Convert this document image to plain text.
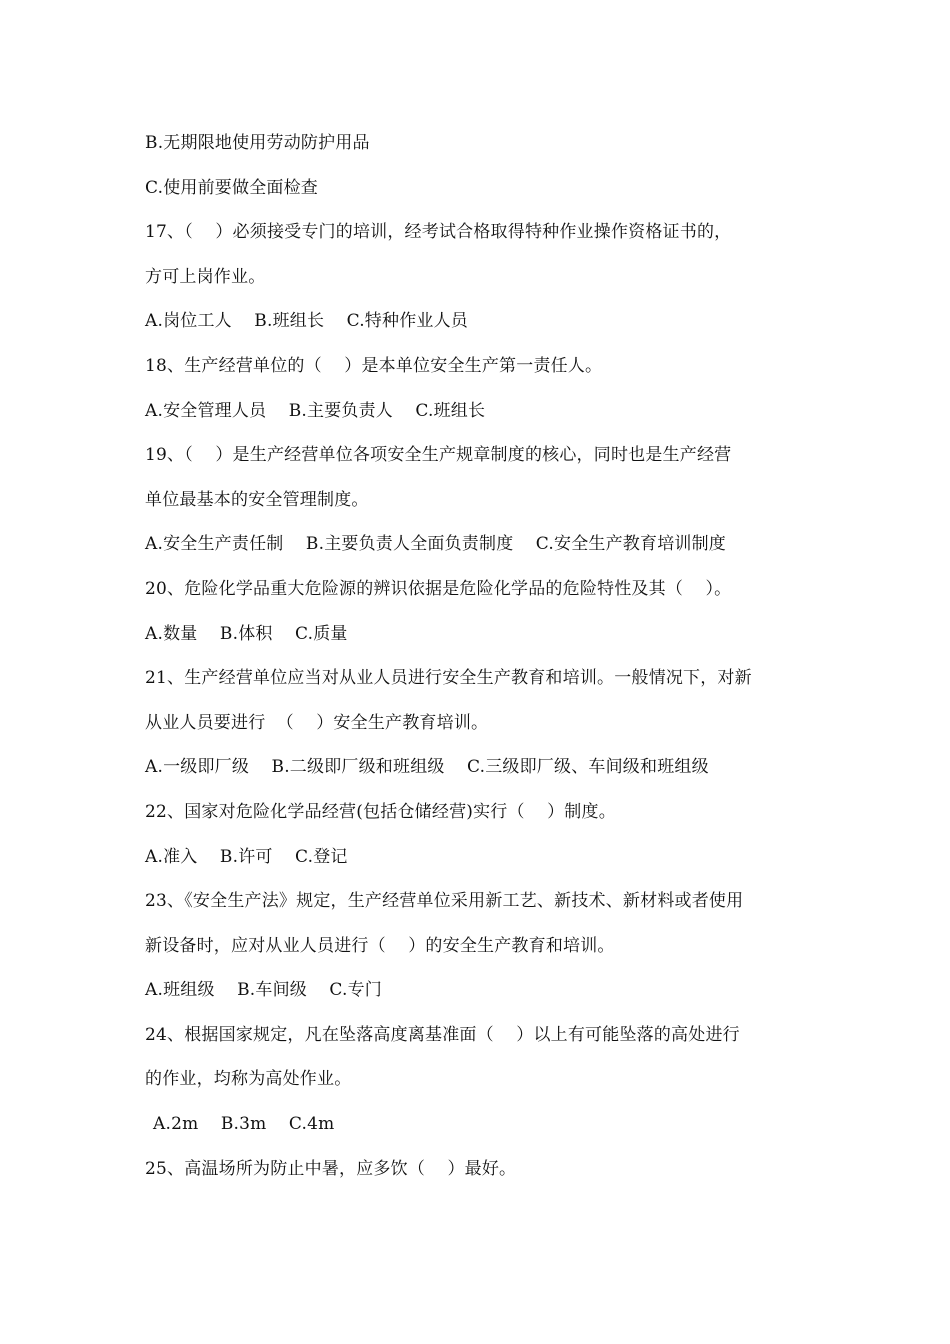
B.无期限地使用劳动防护用品
C.使用前要做全面检查
17、（    ）必须接受专门的培训，经考试合格取得特种作业操作资格证书的，
方可上岗作业。
A.岗位工人    B.班组长    C.特种作业人员
18、生产经营单位的（    ）是本单位安全生产第一责任人。
A.安全管理人员    B.主要负责人    C.班组长
19、（    ）是生产经营单位各项安全生产规章制度的核心，同时也是生产经营
单位最基本的安全管理制度。
A.安全生产责任制    B.主要负责人全面负责制度    C.安全生产教育培训制度
20、危险化学品重大危险源的辨识依据是危险化学品的危险特性及其（    ）。
A.数量    B.体积    C.质量
21、生产经营单位应当对从业人员进行安全生产教育和培训。一般情况下，对新
从业人员要进行  （    ）安全生产教育培训。
A.一级即厂级    B.二级即厂级和班组级    C.三级即厂级、车间级和班组级
22、国家对危险化学品经营(包括仓储经营)实行（    ）制度。
A.准入    B.许可    C.登记
23、《安全生产法》规定，生产经营单位采用新工艺、新技术、新材料或者使用
新设备时，应对从业人员进行（    ）的安全生产教育和培训。
A.班组级    B.车间级    C.专门
24、根据国家规定，凡在坠落高度离基准面（    ）以上有可能坠落的高处进行
的作业，均称为高处作业。
A.2m    B.3m    C.4m
25、高温场所为防止中暑，应多饮（    ）最好。
